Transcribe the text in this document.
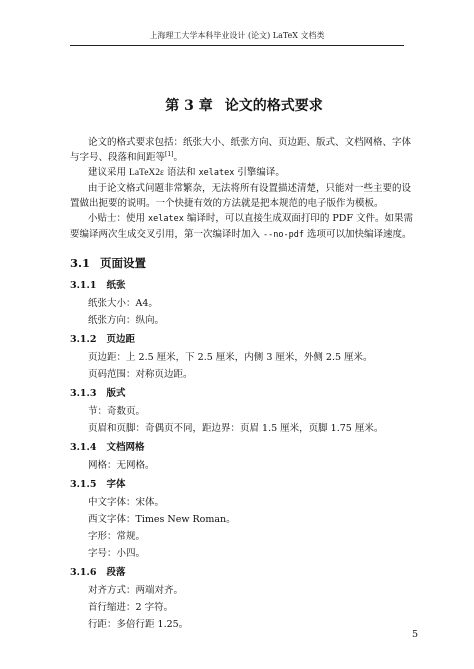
上海理工大学本科毕业设计 (论文) LaTeX 文档类
第 3 章 论文的格式要求

论文的格式要求包括：纸张大小、纸张方向、页边距、版式、文档网格、字体与字号、段落和间距等[1]。

建议采用 LaTeX2ε 语法和 xelatex 引擎编译。

由于论文格式问题非常繁杂，无法将所有设置描述清楚，只能对一些主要的设置做出扼要的说明。一个快捷有效的方法就是把本规范的电子版作为模板。

小贴士：使用 xelatex 编译时，可以直接生成双面打印的 PDF 文件。如果需要编译两次生成交叉引用，第一次编译时加入 --no-pdf 选项可以加快编译速度。

3.1 页面设置
3.1.1 纸张
纸张大小：A4。
纸张方向：纵向。
3.1.2 页边距
页边距：上 2.5 厘米，下 2.5 厘米，内侧 3 厘米，外侧 2.5 厘米。
页码范围：对称页边距。
3.1.3 版式
节：奇数页。
页眉和页脚：奇偶页不同，距边界：页眉 1.5 厘米，页脚 1.75 厘米。
3.1.4 文档网格
网格：无网格。
3.1.5 字体
中文字体：宋体。
西文字体：Times New Roman。
字形：常规。
字号：小四。
3.1.6 段落
对齐方式：两端对齐。
首行缩进：2 字符。
行距：多倍行距 1.25。
5
